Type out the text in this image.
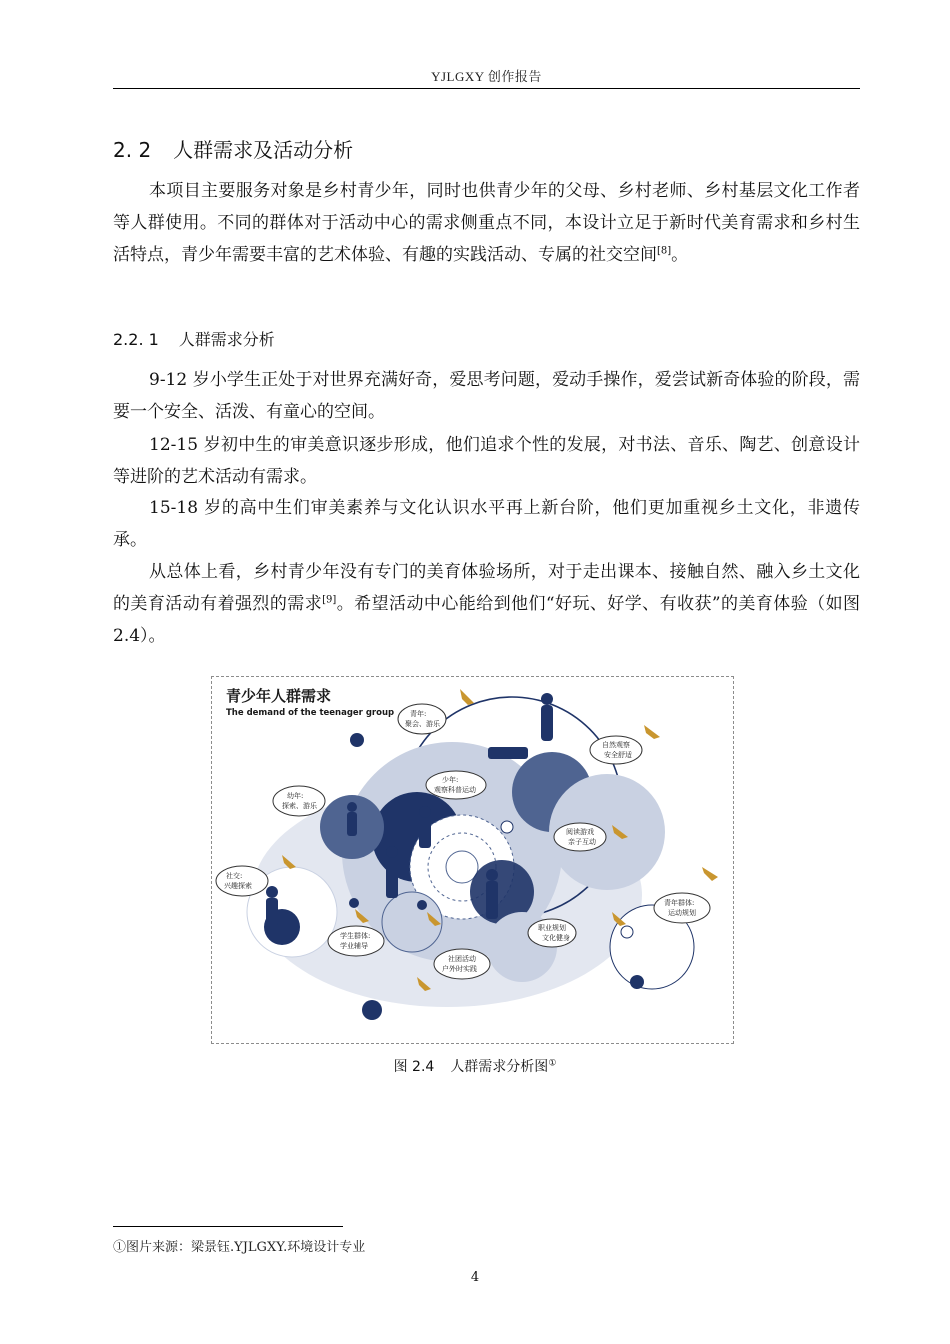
YJLGXY 创作报告
2. 2 人群需求及活动分析

本项目主要服务对象是乡村青少年，同时也供青少年的父母、乡村老师、乡村基层文化工作者等人群使用。不同的群体对于活动中心的需求侧重点不同，本设计立足于新时代美育需求和乡村生活特点，青少年需要丰富的艺术体验、有趣的实践活动、专属的社交空间[8]。

2.2. 1 人群需求分析

9-12 岁小学生正处于对世界充满好奇，爱思考问题，爱动手操作，爱尝试新奇体验的阶段，需要一个安全、活泼、有童心的空间。

12-15 岁初中生的审美意识逐步形成，他们追求个性的发展，对书法、音乐、陶艺、创意设计等进阶的艺术活动有需求。

15-18 岁的高中生们审美素养与文化认识水平再上新台阶，他们更加重视乡土文化，非遗传承。

从总体上看，乡村青少年没有专门的美育体验场所，对于走出课本、接触自然、融入乡土文化的美育活动有着强烈的需求[9]。希望活动中心能给到他们“好玩、好学、有收获”的美育体验（如图 2.4）。

青少年人群需求
The demand of the teenager group 青年:
聚会、游乐
自然观察
安全舒适
少年:
观察科普运动
幼年:
探索、游乐
阅读游戏
亲子互动
社交:
兴趣探索
青年群体:
运动规划
职业规划
文化健身
学生群体:
学业辅导
社团活动
户外时实践
图 2.4 人群需求分析图①
①图片来源：梁景钰.YJLGXY.环境设计专业
4
